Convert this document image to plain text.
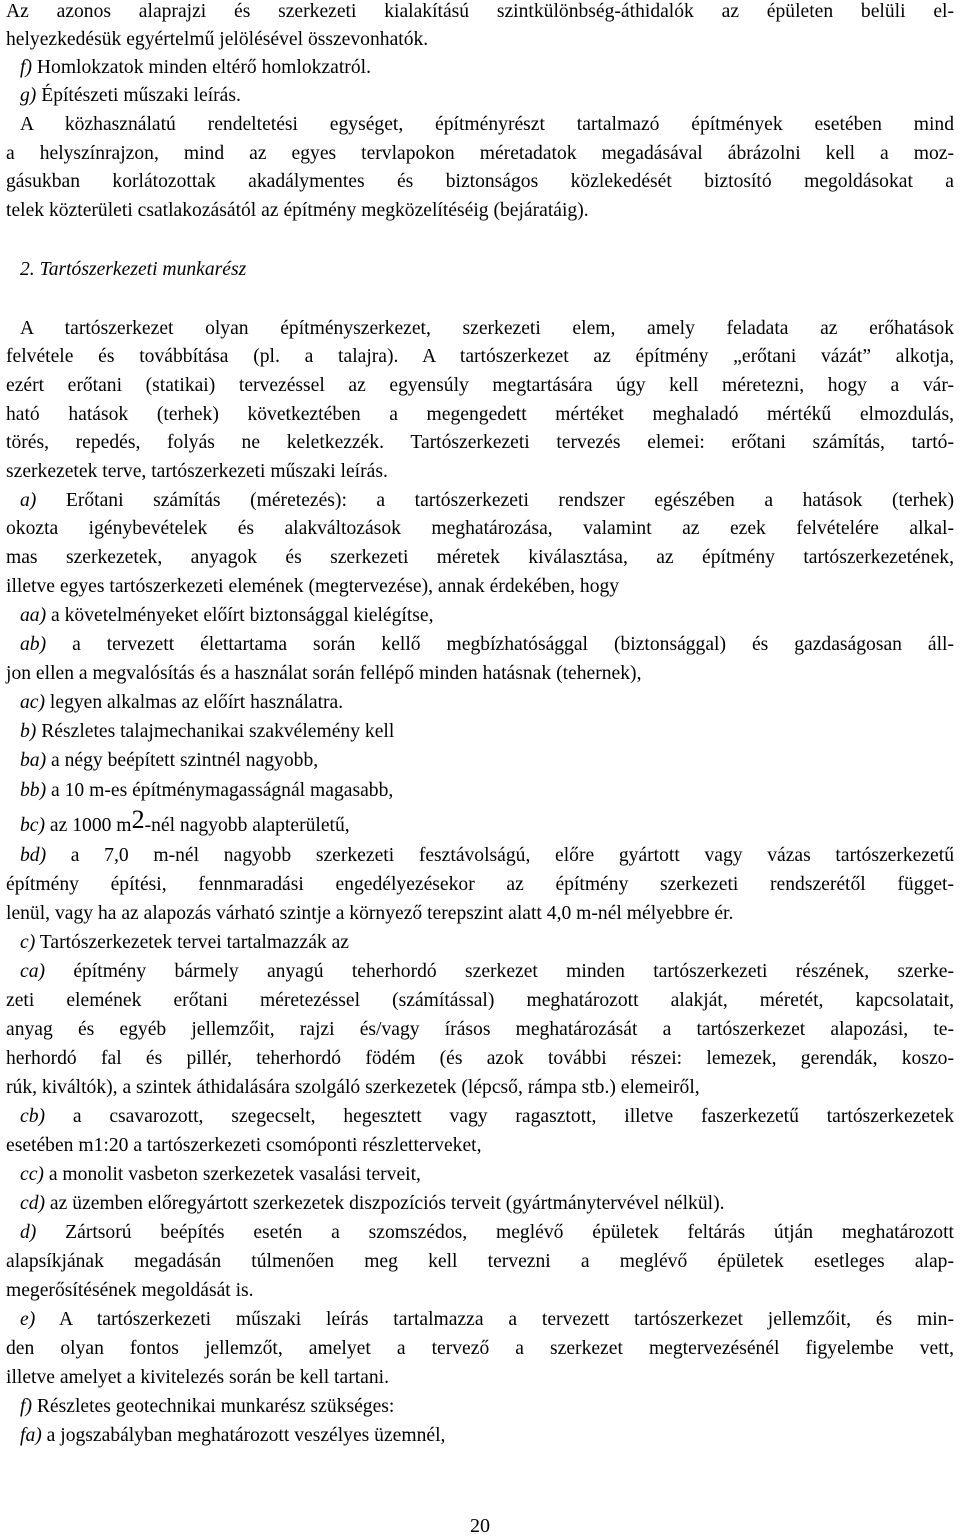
Az azonos alaprajzi és szerkezeti kialakítású szintkülönbség-áthidalók az épületen belüli el-
helyezkedésük egyértelmű jelölésével összevonhatók.
f) Homlokzatok minden eltérő homlokzatról.
g) Építészeti műszaki leírás.
A közhasználatú rendeltetési egységet, építményrészt tartalmazó építmények esetében mind
a helyszínrajzon, mind az egyes tervlapokon méretadatok megadásával ábrázolni kell a moz-
gásukban korlátozottak akadálymentes és biztonságos közlekedését biztosító megoldásokat a
telek közterületi csatlakozásától az építmény megközelítéséig (bejáratáig).
2. Tartószerkezeti munkarész
A tartószerkezet olyan építményszerkezet, szerkezeti elem, amely feladata az erőhatások
felvétele és továbbítása (pl. a talajra). A tartószerkezet az építmény „erőtani vázát” alkotja,
ezért erőtani (statikai) tervezéssel az egyensúly megtartására úgy kell méretezni, hogy a vár-
ható hatások (terhek) következtében a megengedett mértéket meghaladó mértékű elmozdulás,
törés, repedés, folyás ne keletkezzék. Tartószerkezeti tervezés elemei: erőtani számítás, tartó-
szerkezetek terve, tartószerkezeti műszaki leírás.
a) Erőtani számítás (méretezés): a tartószerkezeti rendszer egészében a hatások (terhek)
okozta igénybevételek és alakváltozások meghatározása, valamint az ezek felvételére alkal-
mas szerkezetek, anyagok és szerkezeti méretek kiválasztása, az építmény tartószerkezetének,
illetve egyes tartószerkezeti elemének (megtervezése), annak érdekében, hogy
aa) a követelményeket előírt biztonsággal kielégítse,
ab) a tervezett élettartama során kellő megbízhatósággal (biztonsággal) és gazdaságosan áll-
jon ellen a megvalósítás és a használat során fellépő minden hatásnak (tehernek),
ac) legyen alkalmas az előírt használatra.
b) Részletes talajmechanikai szakvélemény kell
ba) a négy beépített szintnél nagyobb,
bb) a 10 m-es építménymagasságnál magasabb,
bc) az 1000 m2-nél nagyobb alapterületű,
bd) a 7,0 m-nél nagyobb szerkezeti fesztávolságú, előre gyártott vagy vázas tartószerkezetű
építmény építési, fennmaradási engedélyezésekor az építmény szerkezeti rendszerétől függet-
lenül, vagy ha az alapozás várható szintje a környező terepszint alatt 4,0 m-nél mélyebbre ér.
c) Tartószerkezetek tervei tartalmazzák az
ca) építmény bármely anyagú teherhordó szerkezet minden tartószerkezeti részének, szerke-
zeti elemének erőtani méretezéssel (számítással) meghatározott alakját, méretét, kapcsolatait,
anyag és egyéb jellemzőit, rajzi és/vagy írásos meghatározását a tartószerkezet alapozási, te-
herhordó fal és pillér, teherhordó födém (és azok további részei: lemezek, gerendák, koszo-
rúk, kiváltók), a szintek áthidalására szolgáló szerkezetek (lépcső, rámpa stb.) elemeiről,
cb) a csavarozott, szegecselt, hegesztett vagy ragasztott, illetve faszerkezetű tartószerkezetek
esetében m1:20 a tartószerkezeti csomóponti részletterveket,
cc) a monolit vasbeton szerkezetek vasalási terveit,
cd) az üzemben előregyártott szerkezetek diszpozíciós terveit (gyártmánytervével nélkül).
d) Zártsorú beépítés esetén a szomszédos, meglévő épületek feltárás útján meghatározott
alapsíkjának megadásán túlmenően meg kell tervezni a meglévő épületek esetleges alap-
megerősítésének megoldását is.
e) A tartószerkezeti műszaki leírás tartalmazza a tervezett tartószerkezet jellemzőit, és min-
den olyan fontos jellemzőt, amelyet a tervező a szerkezet megtervezésénél figyelembe vett,
illetve amelyet a kivitelezés során be kell tartani.
f) Részletes geotechnikai munkarész szükséges:
fa) a jogszabályban meghatározott veszélyes üzemnél,
20
